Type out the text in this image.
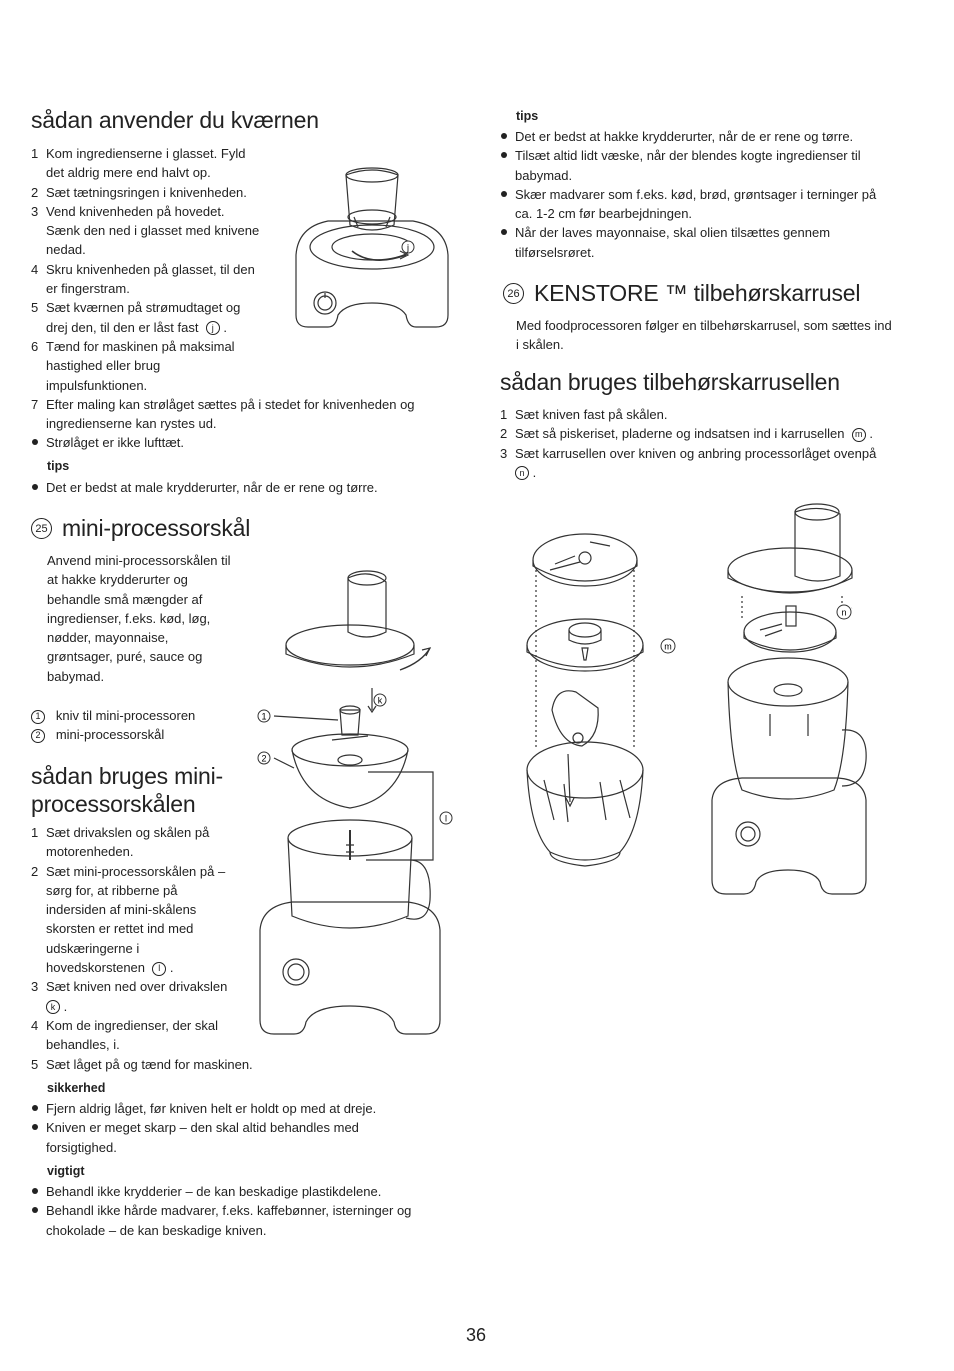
sådan anvender du kværnen
1 Kom ingredienserne i glasset. Fyld
det aldrig mere end halvt op.
2 Sæt tætningsringen i knivenheden.
3 Vend knivenheden på hovedet.
Sænk den ned i glasset med knivene
nedad.
4 Skru knivenheden på glasset, til den
er fingerstram.
5 Sæt kværnen på strømudtaget og
drej den, til den er låst fast j .
6 Tænd for maskinen på maksimal
hastighed eller brug
impulsfunktionen.
7 Efter maling kan strølåget sættes på i stedet for knivenheden og
ingredienserne kan rystes ud.
Strølåget er ikke lufttæt.
tips
Det er bedst at male krydderurter, når de er rene og tørre.
j
25 mini-processorskål

Anvend mini-processorskålen til

at hakke krydderurter og

behandle små mængder af

ingredienser, f.eks. kød, løg,

nødder, mayonnaise,

grøntsager, puré, sauce og

babymad.

1 kniv til mini-processoren
2 mini-processorskål
sådan bruges mini-
processorskålen
1 Sæt drivakslen og skålen på
motorenheden.
2 Sæt mini-processorskålen på –
sørg for, at ribberne på
indersiden af mini-skålens
skorsten er rettet ind med
udskæringerne i
hovedskorstenen l .
3 Sæt kniven ned over drivakslen
k .
4 Kom de ingredienser, der skal
behandles, i.
5 Sæt låget på og tænd for maskinen.
sikkerhed
Fjern aldrig låget, før kniven helt er holdt op med at dreje.
Kniven er meget skarp – den skal altid behandles med
forsigtighed.
vigtigt
Behandl ikke krydderier – de kan beskadige plastikdelene.
Behandl ikke hårde madvarer, f.eks. kaffebønner, isterninger og
chokolade – de kan beskadige kniven.
1
2
k
l
tips
Det er bedst at hakke krydderurter, når de er rene og tørre.
Tilsæt altid lidt væske, når der blendes kogte ingredienser til
babymad.
Skær madvarer som f.eks. kød, brød, grøntsager i terninger på
ca. 1-2 cm før bearbejdningen.
Når der laves mayonnaise, skal olien tilsættes gennem
tilførselsrøret.
26 KENSTORE ™ tilbehørskarrusel

Med foodprocessoren følger en tilbehørskarrusel, som sættes ind

i skålen.

sådan bruges tilbehørskarrusellen
1 Sæt kniven fast på skålen.
2 Sæt så piskeriset, pladerne og indsatsen ind i karrusellen m .
3 Sæt karrusellen over kniven og anbring processorlåget ovenpå
n .
m
n
36
